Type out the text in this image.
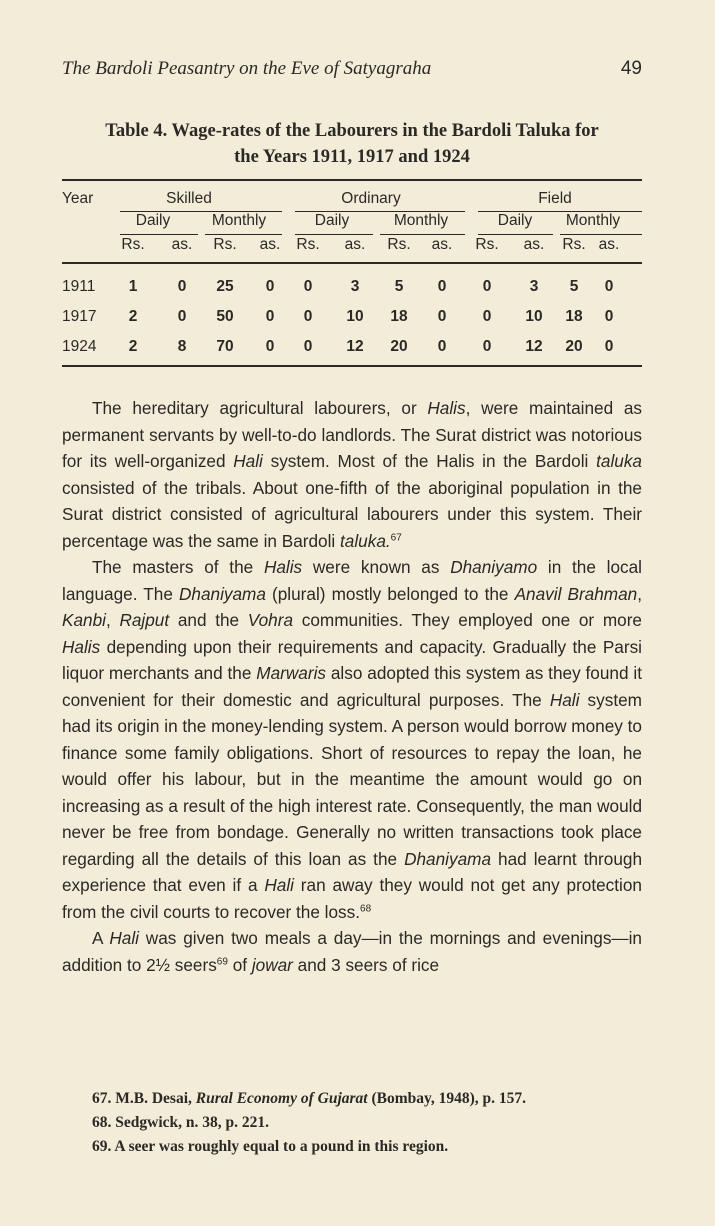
The Bardoli Peasantry on the Eve of Satyagraha	49
Table 4. Wage-rates of the Labourers in the Bardoli Taluka for
the Years 1911, 1917 and 1924
Year	Skilled	Ordinary	Field
Daily	Monthly	Daily	Monthly	Daily Monthly
Rs. as. Rs. as. Rs. as. Rs. as. Rs. as. Rs. as.
1911 1	0 25 0 0 3 5 0 0 3 5 0
1917 2	0 50 0 0 10 18 0 0 10 18 0
1924 2	8 70 0 0 12 20 0 0 12 20 0

The hereditary agricultural labourers, or Halis, were maintained as permanent servants by well-to-do landlords. The Surat district was notorious for its well-organized Hali system. Most of the Halis in the Bardoli taluka consisted of the tribals. About one-fifth of the aboriginal population in the Surat district consisted of agricultural labourers under this system. Their percentage was the same in Bardoli taluka.$^{67}$

The masters of the Halis were known as Dhaniyamo in the local language. The Dhaniyama (plural) mostly belonged to the Anavil Brahman, Kanbi, Rajput and the Vohra communities. They employed one or more Halis depending upon their requirements and capacity. Gradually the Parsi liquor merchants and the Marwaris also adopted this system as they found it convenient for their domestic and agricultural purposes. The Hali system had its origin in the money-lending system. A person would borrow money to finance some family obligations. Short of resources to repay the loan, he would offer his labour, but in the meantime the amount would go on increasing as a result of the high interest rate. Consequently, the man would never be free from bondage. Generally no written transactions took place regarding all the details of this loan as the Dhaniyama had learnt through experience that even if a Hali ran away they would not get any protection from the civil courts to recover the loss.$^{68}$

A Hali was given two meals a day—in the mornings and evenings—in addition to 2½ seers$^{69}$ of jowar and 3 seers of rice

67. M.B. Desai, Rural Economy of Gujarat (Bombay, 1948), p. 157.
68. Sedgwick, n. 38, p. 221.
69. A seer was roughly equal to a pound in this region.
